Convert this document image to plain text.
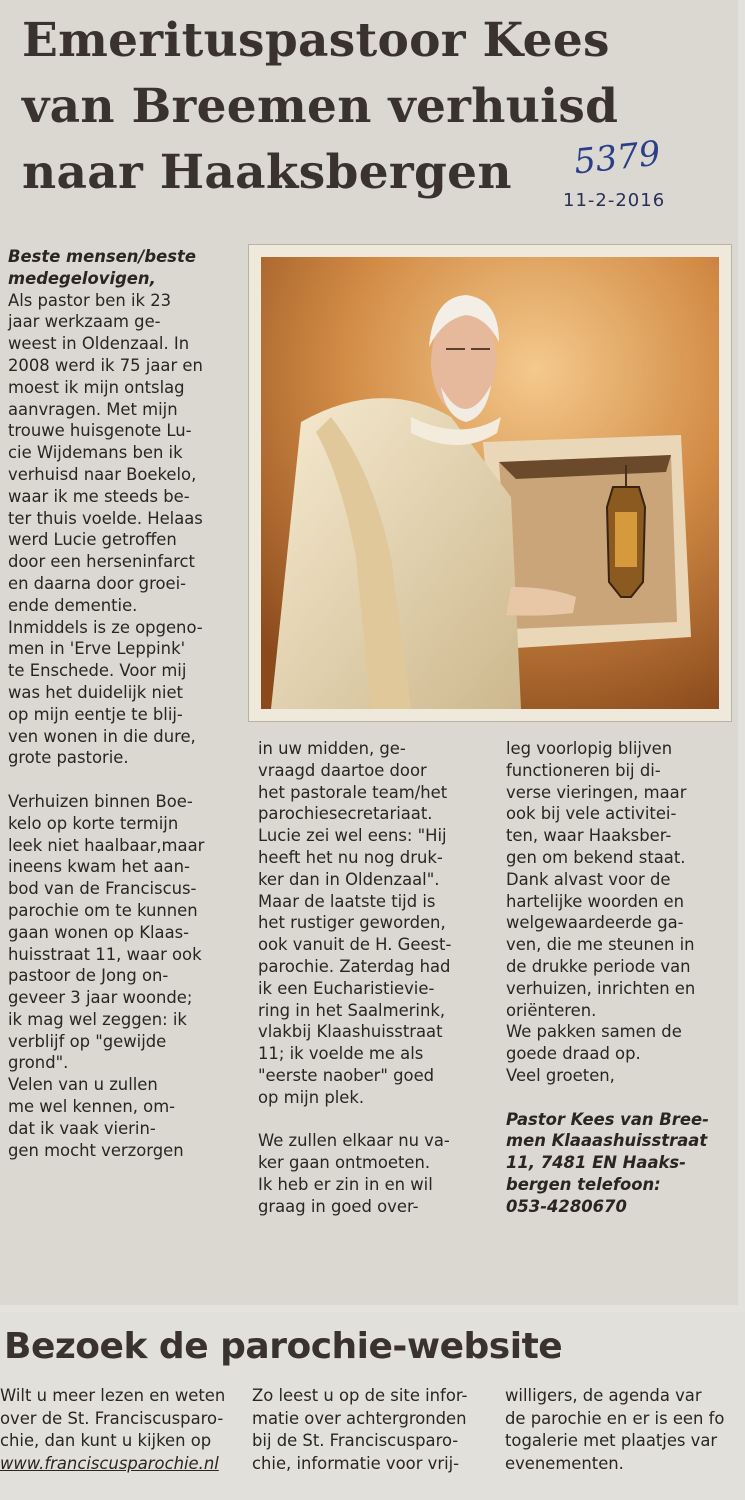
Emerituspastoor Kees
van Breemen verhuisd
naar Haaksbergen	5379
11-2-2016

Beste mensen/beste

medegelovigen,

Als pastor ben ik 23

jaar werkzaam ge-

weest in Oldenzaal. In

2008 werd ik 75 jaar en

moest ik mijn ontslag

aanvragen. Met mijn

trouwe huisgenote Lu-

cie Wijdemans ben ik

verhuisd naar Boekelo,

waar ik me steeds be-

ter thuis voelde. Helaas

werd Lucie getroffen

door een herseninfarct

en daarna door groei-

ende dementie.

Inmiddels is ze opgeno-

men in 'Erve Leppink'

te Enschede. Voor mij

was het duidelijk niet

op mijn eentje te blij-

ven wonen in die dure,

grote pastorie.

Verhuizen binnen Boe-

kelo op korte termijn

leek niet haalbaar,maar

ineens kwam het aan-

bod van de Franciscus-

parochie om te kunnen

gaan wonen op Klaas-

huisstraat 11, waar ook

pastoor de Jong on-

geveer 3 jaar woonde;

ik mag wel zeggen: ik

verblijf op "gewijde

grond".

Velen van u zullen

me wel kennen, om-

dat ik vaak vierin-

gen mocht verzorgen

in uw midden, ge-

vraagd daartoe door

het pastorale team/het

parochiesecretariaat.

Lucie zei wel eens: "Hij

heeft het nu nog druk-

ker dan in Oldenzaal".

Maar de laatste tijd is

het rustiger geworden,

ook vanuit de H. Geest-

parochie. Zaterdag had

ik een Eucharistievie-

ring in het Saalmerink,

vlakbij Klaashuisstraat

11; ik voelde me als

"eerste naober" goed

op mijn plek.

We zullen elkaar nu va-

ker gaan ontmoeten.

Ik heb er zin in en wil

graag in goed over-

leg voorlopig blijven

functioneren bij di-

verse vieringen, maar

ook bij vele activitei-

ten, waar Haaksber-

gen om bekend staat.

Dank alvast voor de

hartelijke woorden en

welgewaardeerde ga-

ven, die me steunen in

de drukke periode van

verhuizen, inrichten en

oriënteren.

We pakken samen de

goede draad op.

Veel groeten,

Pastor Kees van Bree-

men Klaaashuisstraat

11, 7481 EN Haaks-

bergen telefoon:

053-4280670

Bezoek de parochie-website

Wilt u meer lezen en weten

over de St. Franciscusparo-

chie, dan kunt u kijken op

www.franciscusparochie.nl

Zo leest u op de site infor-

matie over achtergronden

bij de St. Franciscusparo-

chie, informatie voor vrij-

willigers, de agenda var

de parochie en er is een fo

togalerie met plaatjes var

evenementen.
